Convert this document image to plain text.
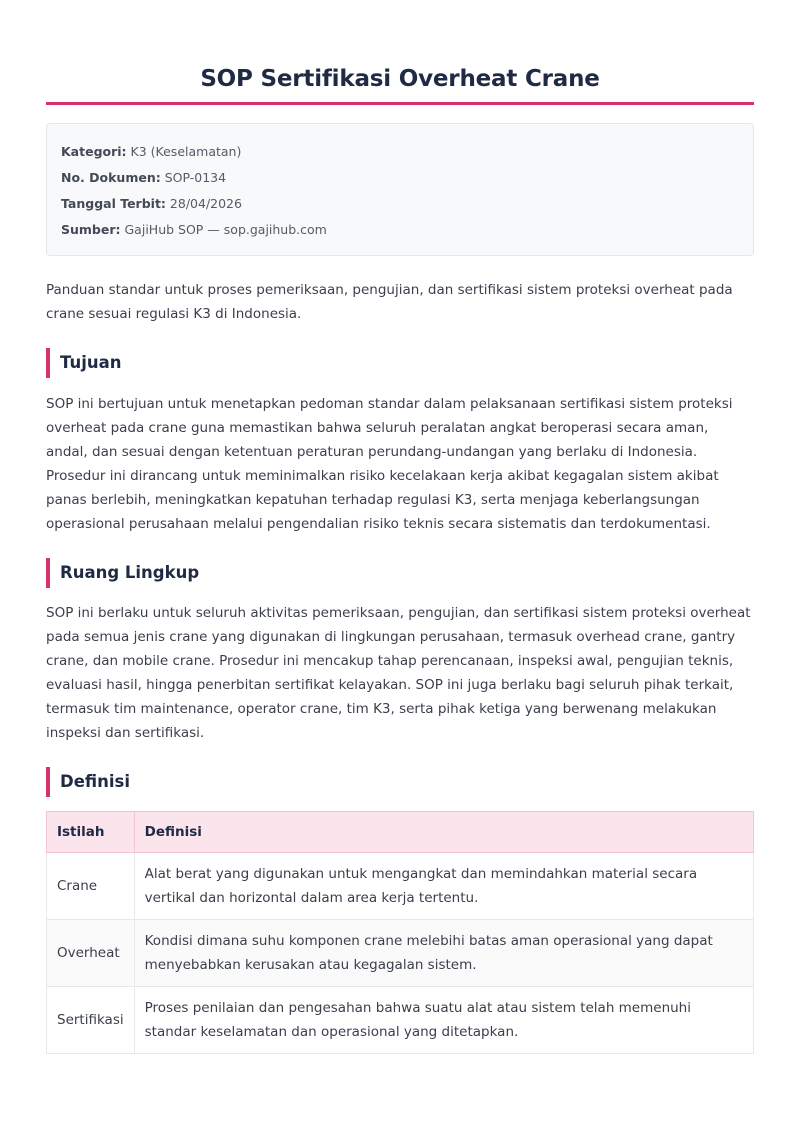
SOP Sertifikasi Overheat Crane
Kategori: K3 (Keselamatan)
No. Dokumen: SOP-0134
Tanggal Terbit: 28/04/2026
Sumber: GajiHub SOP — sop.gajihub.com

Panduan standar untuk proses pemeriksaan, pengujian, dan sertifikasi sistem proteksi overheat pada crane sesuai regulasi K3 di Indonesia.

Tujuan

SOP ini bertujuan untuk menetapkan pedoman standar dalam pelaksanaan sertifikasi sistem proteksi overheat pada crane guna memastikan bahwa seluruh peralatan angkat beroperasi secara aman, andal, dan sesuai dengan ketentuan peraturan perundang-undangan yang berlaku di Indonesia. Prosedur ini dirancang untuk meminimalkan risiko kecelakaan kerja akibat kegagalan sistem akibat panas berlebih, meningkatkan kepatuhan terhadap regulasi K3, serta menjaga keberlangsungan operasional perusahaan melalui pengendalian risiko teknis secara sistematis dan terdokumentasi.

Ruang Lingkup

SOP ini berlaku untuk seluruh aktivitas pemeriksaan, pengujian, dan sertifikasi sistem proteksi overheat pada semua jenis crane yang digunakan di lingkungan perusahaan, termasuk overhead crane, gantry crane, dan mobile crane. Prosedur ini mencakup tahap perencanaan, inspeksi awal, pengujian teknis, evaluasi hasil, hingga penerbitan sertifikat kelayakan. SOP ini juga berlaku bagi seluruh pihak terkait, termasuk tim maintenance, operator crane, tim K3, serta pihak ketiga yang berwenang melakukan inspeksi dan sertifikasi.

Definisi
Istilah	Definisi
Crane	Alat berat yang digunakan untuk mengangkat dan memindahkan material secara vertikal dan horizontal dalam area kerja tertentu.
Overheat	Kondisi dimana suhu komponen crane melebihi batas aman operasional yang dapat menyebabkan kerusakan atau kegagalan sistem.
Sertifikasi	Proses penilaian dan pengesahan bahwa suatu alat atau sistem telah memenuhi standar keselamatan dan operasional yang ditetapkan.
